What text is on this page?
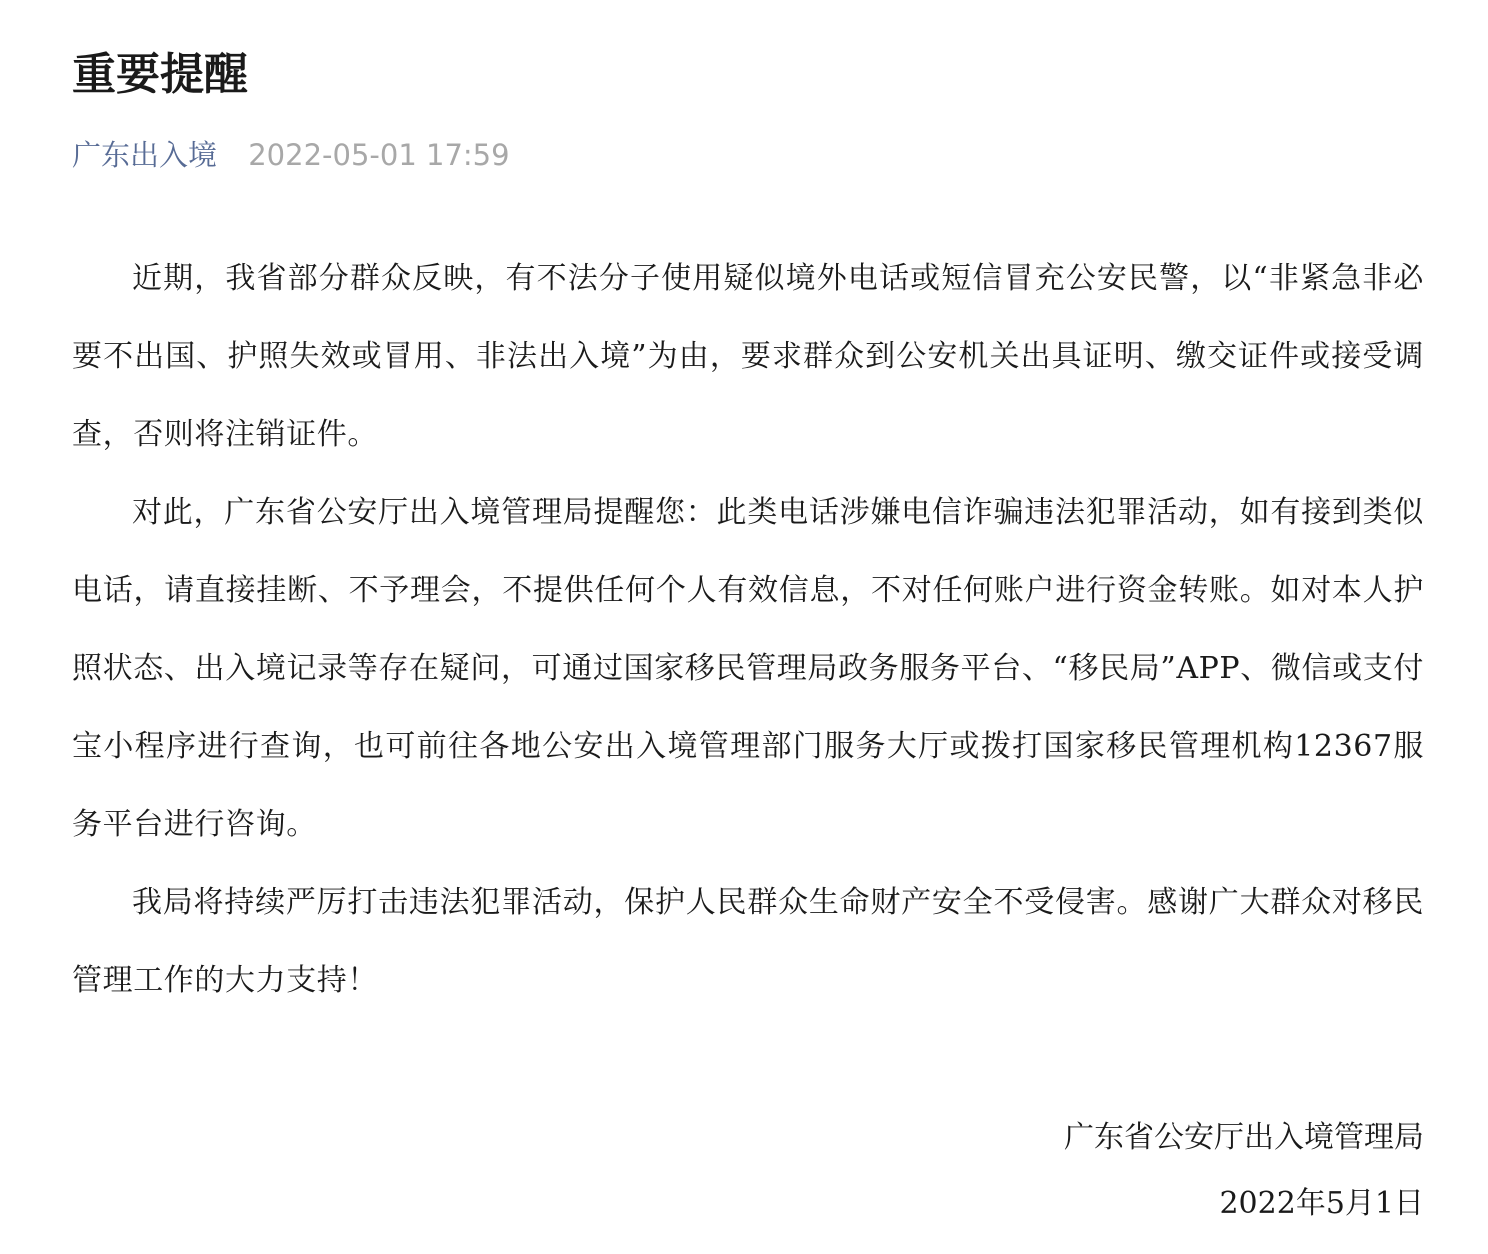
重要提醒
广东出入境 2022-05-01 17:59

近期，我省部分群众反映，有不法分子使用疑似境外电话或短信冒充公安民警，以“非紧急非必要不出国、护照失效或冒用、非法出入境”为由，要求群众到公安机关出具证明、缴交证件或接受调查，否则将注销证件。

对此，广东省公安厅出入境管理局提醒您：此类电话涉嫌电信诈骗违法犯罪活动，如有接到类似电话，请直接挂断、不予理会，不提供任何个人有效信息，不对任何账户进行资金转账。如对本人护照状态、出入境记录等存在疑问，可通过国家移民管理局政务服务平台、“移民局”APP、微信或支付宝小程序进行查询，也可前往各地公安出入境管理部门服务大厅或拨打国家移民管理机构12367服务平台进行咨询。

我局将持续严厉打击违法犯罪活动，保护人民群众生命财产安全不受侵害。感谢广大群众对移民管理工作的大力支持！

广东省公安厅出入境管理局
2022年5月1日
